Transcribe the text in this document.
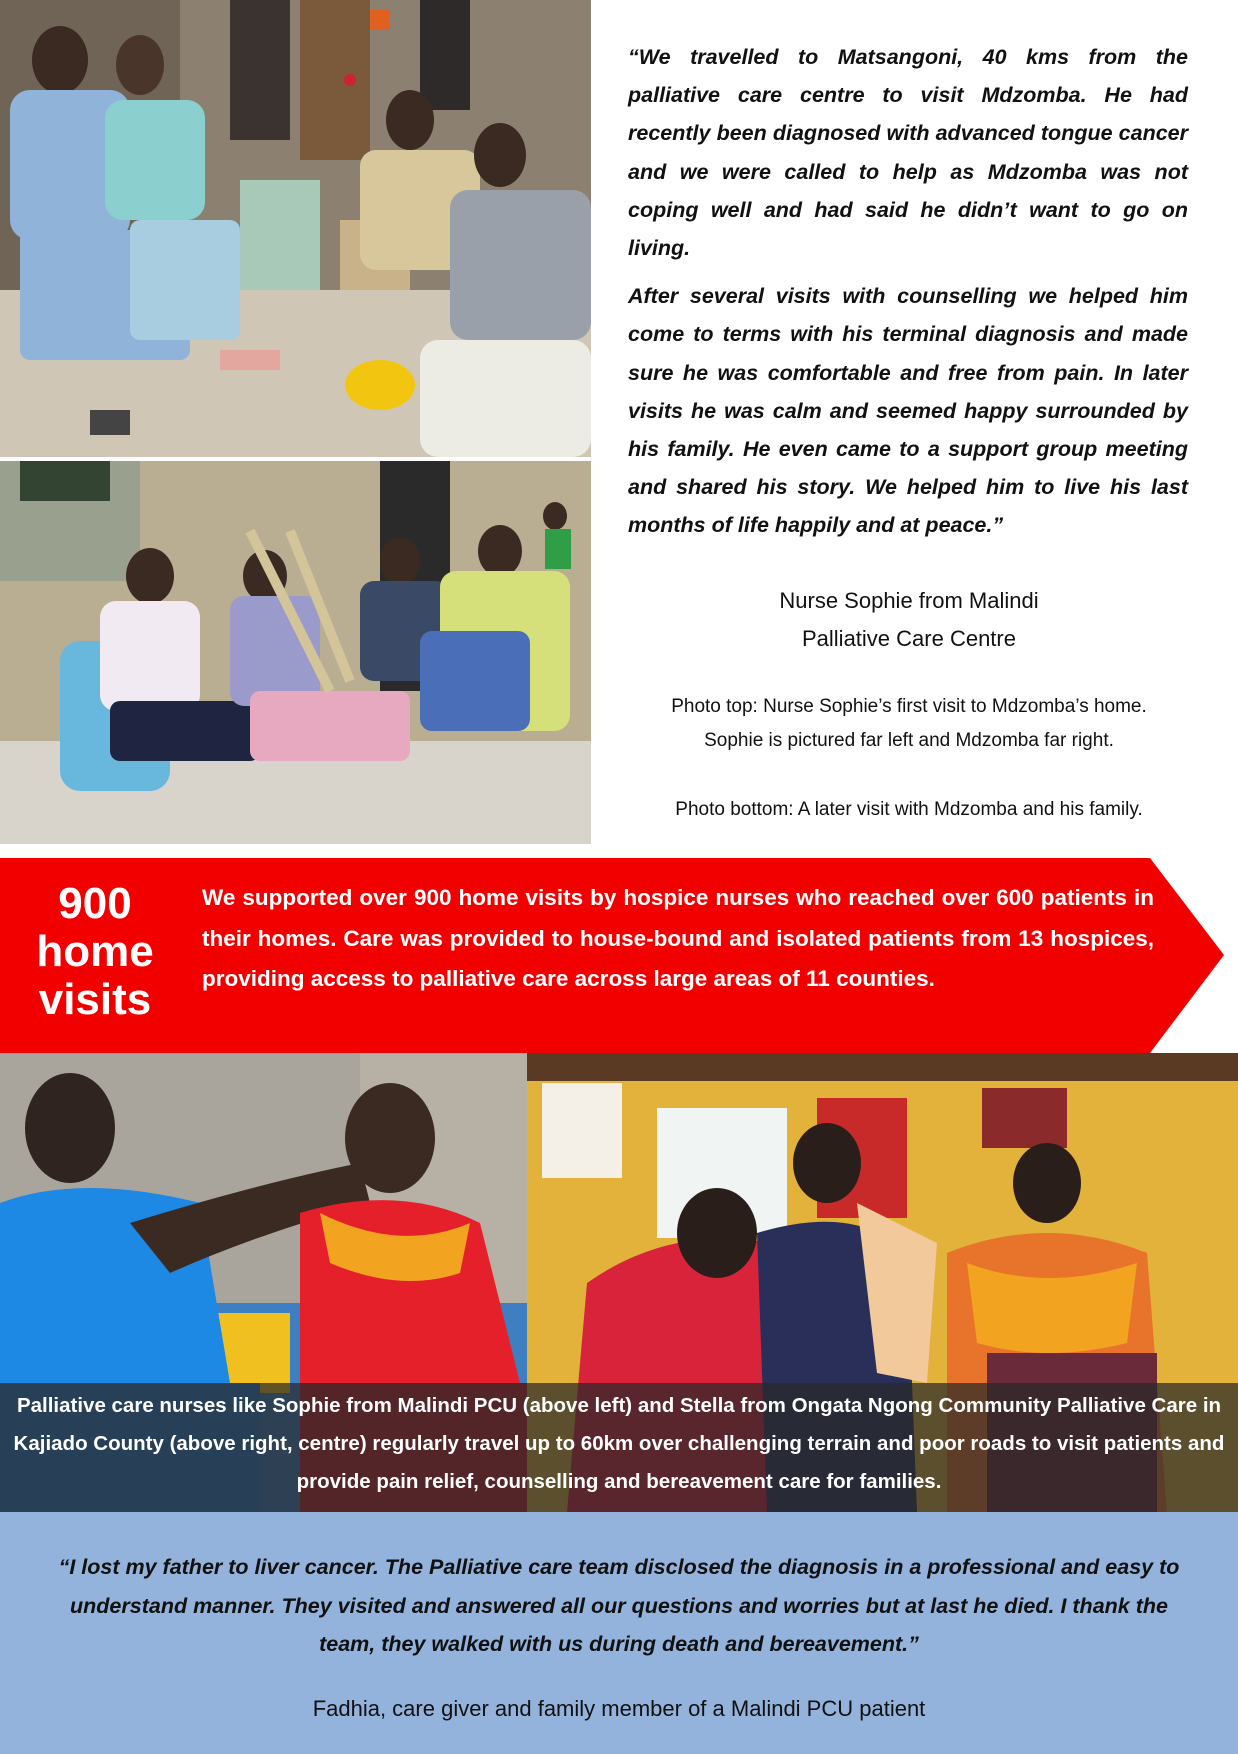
“We travelled to Matsangoni, 40 kms from the palliative care centre to visit Mdzomba. He had recently been diagnosed with advanced tongue cancer and we were called to help as Mdzomba was not coping well and had said he didn’t want to go on living.

After several visits with counselling we helped him come to terms with his terminal diagnosis and made sure he was comfortable and free from pain. In later visits he was calm and seemed happy surrounded by his family. He even came to a support group meeting and shared his story. We helped him to live his last months of life happily and at peace.”

Nurse Sophie from Malindi
Palliative Care Centre
Photo top: Nurse Sophie’s first visit to Mdzomba’s home.
Sophie is pictured far left and Mdzomba far right.
Photo bottom: A later visit with Mdzomba and his family.
900
home
visits
We supported over 900 home visits by hospice nurses who reached over 600 patients in their homes. Care was provided to house-bound and isolated patients from 13 hospices, providing access to palliative care across large areas of 11 counties.
Palliative care nurses like Sophie from Malindi PCU (above left) and Stella from Ongata Ngong Community Palliative Care in Kajiado County (above right, centre) regularly travel up to 60km over challenging terrain and poor roads to visit patients and provide pain relief, counselling and bereavement care for families.
“I lost my father to liver cancer. The Palliative care team disclosed the diagnosis in a professional and easy to understand manner. They visited and answered all our questions and worries but at last he died. I thank the team, they walked with us during death and bereavement.”
Fadhia, care giver and family member of a Malindi PCU patient
